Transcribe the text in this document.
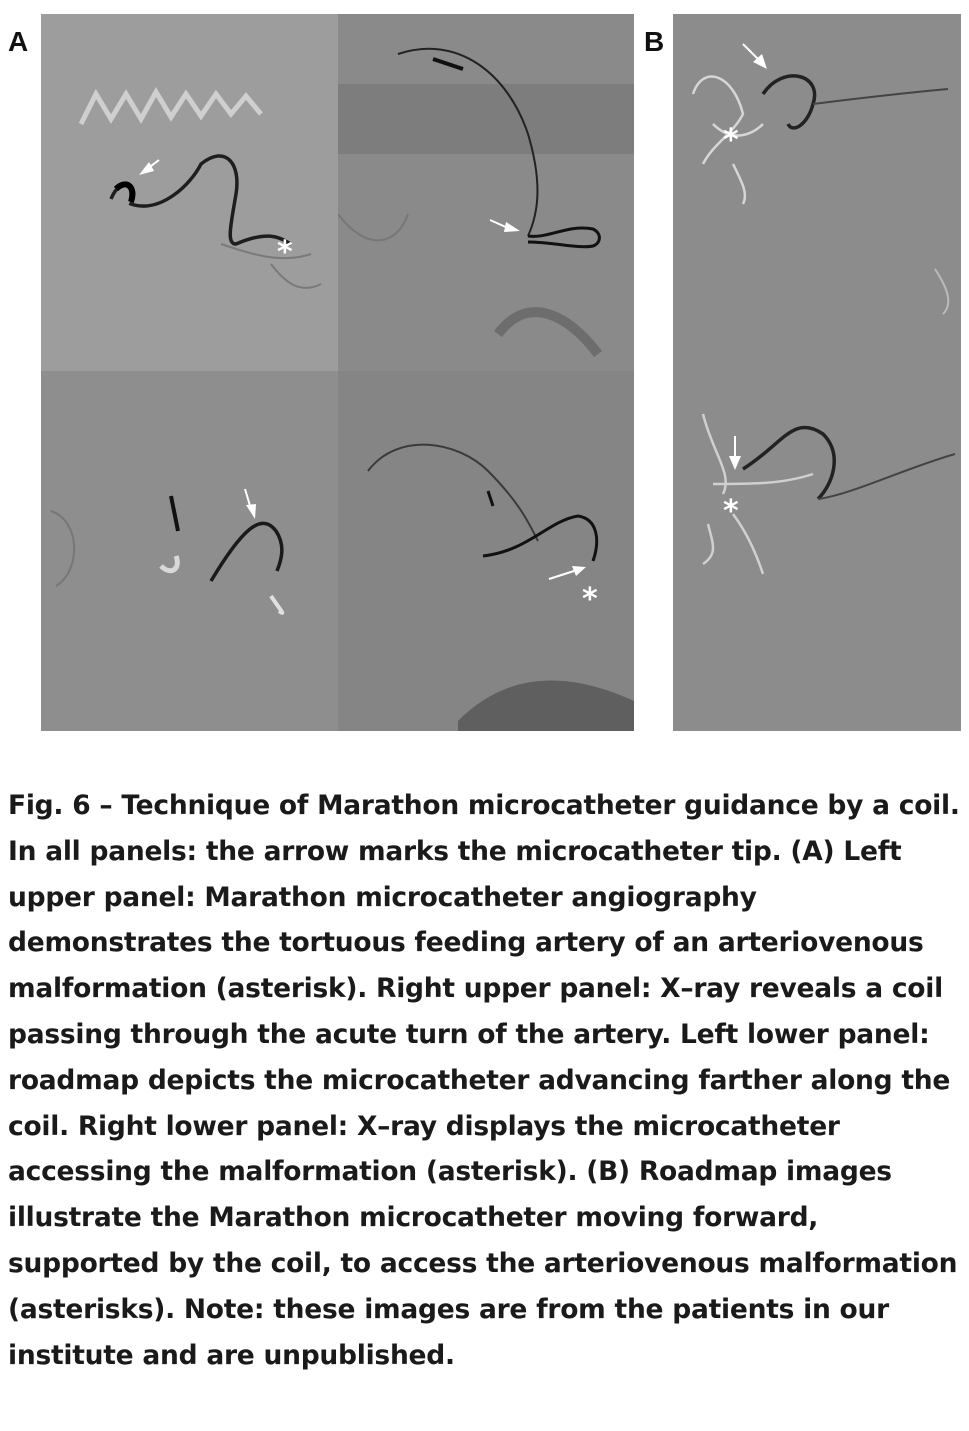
A	B
*
*
*
*

Fig. 6 – Technique of Marathon microcatheter guidance by a coil. In all panels: the arrow marks the microcatheter tip. (A) Left upper panel: Marathon microcatheter angiography demonstrates the tortuous feeding artery of an arteriovenous malformation (asterisk). Right upper panel: X–ray reveals a coil passing through the acute turn of the artery. Left lower panel: roadmap depicts the microcatheter advancing farther along the coil. Right lower panel: X–ray displays the microcatheter accessing the malformation (asterisk). (B) Roadmap images illustrate the Marathon microcatheter moving forward, supported by the coil, to access the arteriovenous malformation (asterisks). Note: these images are from the patients in our institute and are unpublished.
